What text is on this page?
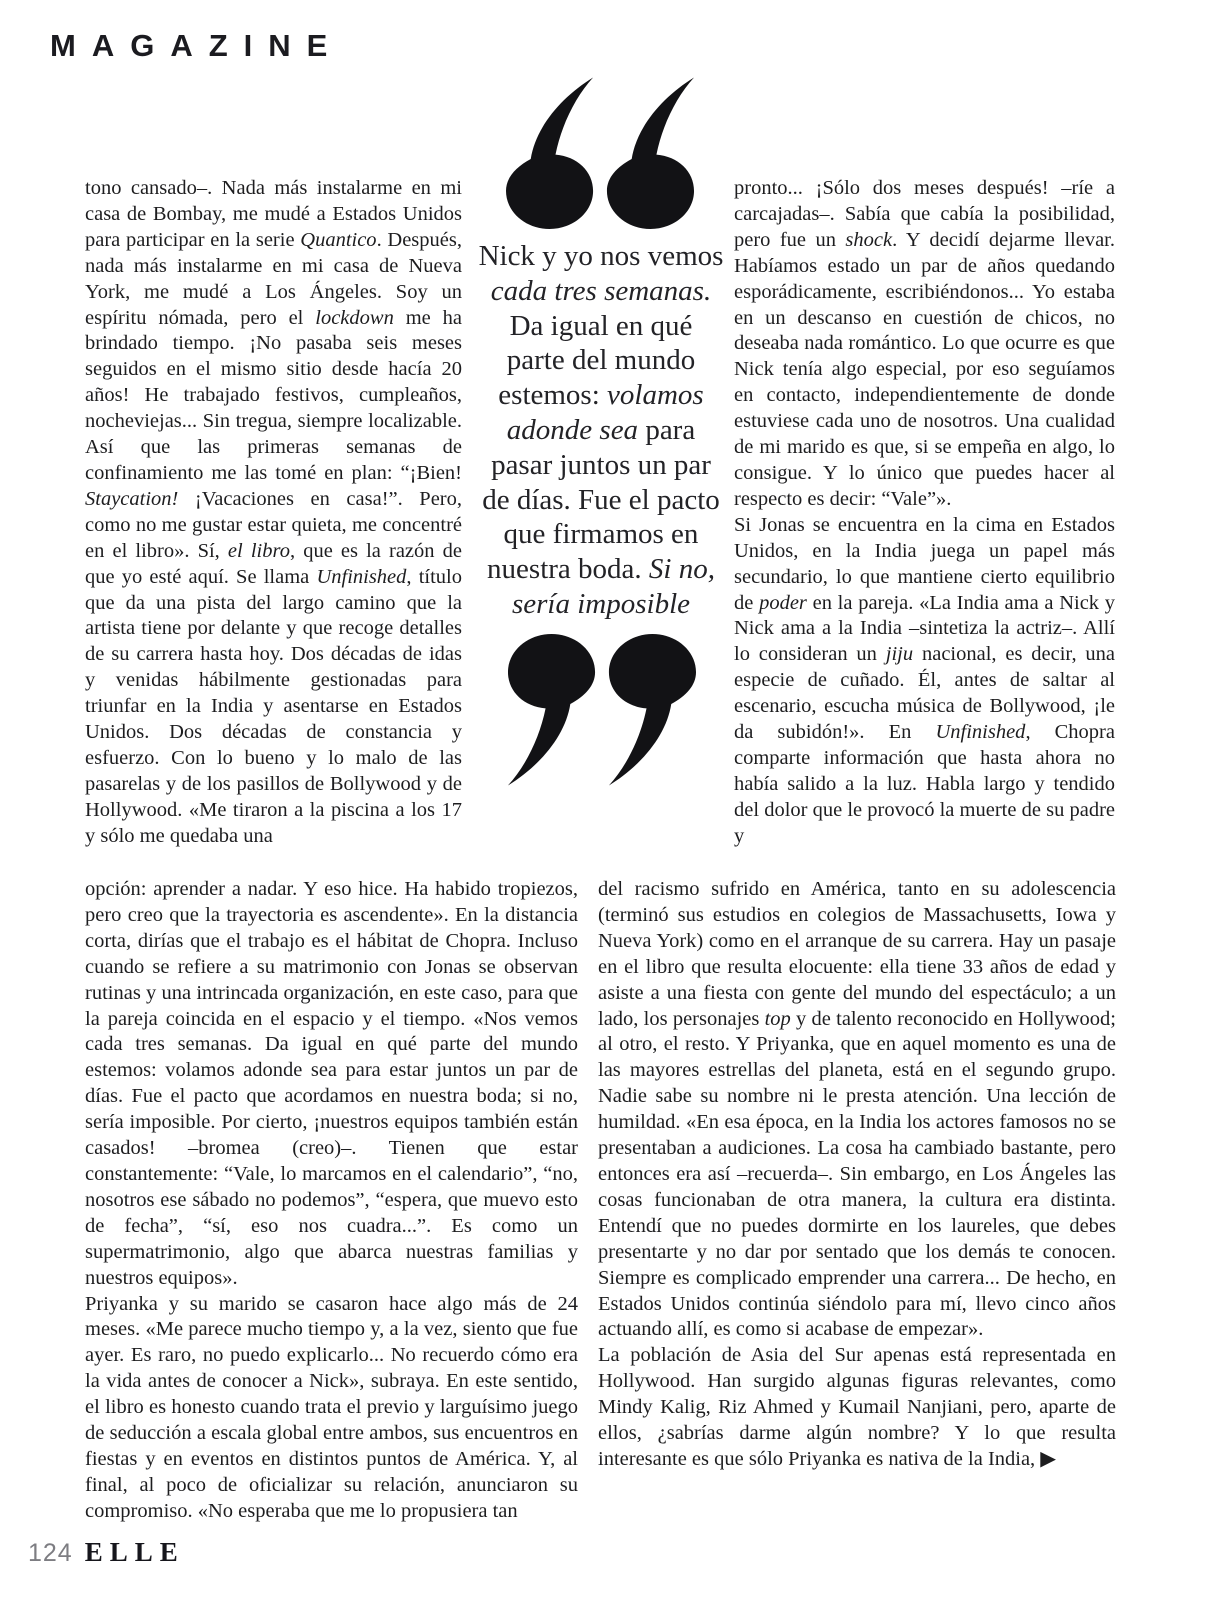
MAGAZINE

tono cansado–. Nada más instalarme en mi casa de Bombay, me mudé a Estados Unidos para participar en la serie Quantico. Después, nada más instalarme en mi casa de Nueva York, me mudé a Los Ángeles. Soy un espíritu nómada, pero el lockdown me ha brindado tiempo. ¡No pasaba seis meses seguidos en el mismo sitio desde hacía 20 años! He trabajado festivos, cumpleaños, nocheviejas... Sin tregua, siempre localizable. Así que las primeras semanas de confinamiento me las tomé en plan: “¡Bien! Staycation! ¡Vacaciones en casa!”. Pero, como no me gustar estar quieta, me concentré en el libro». Sí, el libro, que es la razón de que yo esté aquí. Se llama Unfinished, título que da una pista del largo camino que la artista tiene por delante y que recoge detalles de su carrera hasta hoy. Dos décadas de idas y venidas hábilmente gestionadas para triunfar en la India y asentarse en Estados Unidos. Dos décadas de constancia y esfuerzo. Con lo bueno y lo malo de las pasarelas y de los pasillos de Bollywood y de Hollywood. «Me tiraron a la piscina a los 17 y sólo me quedaba una

Nick y yo nos vemos cada tres semanas. Da igual en qué parte del mundo estemos: volamos adonde sea para pasar juntos un par de días. Fue el pacto que firmamos en nuestra boda. Si no, sería imposible

pronto... ¡Sólo dos meses después! –ríe a carcajadas–. Sabía que cabía la posibilidad, pero fue un shock. Y decidí dejarme llevar. Habíamos estado un par de años quedando esporádicamente, escribiéndonos... Yo estaba en un descanso en cuestión de chicos, no deseaba nada romántico. Lo que ocurre es que Nick tenía algo especial, por eso seguíamos en contacto, independientemente de donde estuviese cada uno de nosotros. Una cualidad de mi marido es que, si se empeña en algo, lo consigue. Y lo único que puedes hacer al respecto es decir: “Vale”».

Si Jonas se encuentra en la cima en Estados Unidos, en la India juega un papel más secundario, lo que mantiene cierto equilibrio de poder en la pareja. «La India ama a Nick y Nick ama a la India –sintetiza la actriz–. Allí lo consideran un jiju nacional, es decir, una especie de cuñado. Él, antes de saltar al escenario, escucha música de Bollywood, ¡le da subidón!». En Unfinished, Chopra comparte información que hasta ahora no había salido a la luz. Habla largo y tendido del dolor que le provocó la muerte de su padre y

opción: aprender a nadar. Y eso hice. Ha habido tropiezos, pero creo que la trayectoria es ascendente». En la distancia corta, dirías que el trabajo es el hábitat de Chopra. Incluso cuando se refiere a su matrimonio con Jonas se observan rutinas y una intrincada organización, en este caso, para que la pareja coincida en el espacio y el tiempo. «Nos vemos cada tres semanas. Da igual en qué parte del mundo estemos: volamos adonde sea para estar juntos un par de días. Fue el pacto que acordamos en nuestra boda; si no, sería imposible. Por cierto, ¡nuestros equipos también están casados! –bromea (creo)–. Tienen que estar constantemente: “Vale, lo marcamos en el calendario”, “no, nosotros ese sábado no podemos”, “espera, que muevo esto de fecha”, “sí, eso nos cuadra...”. Es como un supermatrimonio, algo que abarca nuestras familias y nuestros equipos».

Priyanka y su marido se casaron hace algo más de 24 meses. «Me parece mucho tiempo y, a la vez, siento que fue ayer. Es raro, no puedo explicarlo... No recuerdo cómo era la vida antes de conocer a Nick», subraya. En este sentido, el libro es honesto cuando trata el previo y larguísimo juego de seducción a escala global entre ambos, sus encuentros en fiestas y en eventos en distintos puntos de América. Y, al final, al poco de oficializar su relación, anunciaron su compromiso. «No esperaba que me lo propusiera tan

del racismo sufrido en América, tanto en su adolescencia (terminó sus estudios en colegios de Massachusetts, Iowa y Nueva York) como en el arranque de su carrera. Hay un pasaje en el libro que resulta elocuente: ella tiene 33 años de edad y asiste a una fiesta con gente del mundo del espectáculo; a un lado, los personajes top y de talento reconocido en Hollywood; al otro, el resto. Y Priyanka, que en aquel momento es una de las mayores estrellas del planeta, está en el segundo grupo. Nadie sabe su nombre ni le presta atención. Una lección de humildad. «En esa época, en la India los actores famosos no se presentaban a audiciones. La cosa ha cambiado bastante, pero entonces era así –recuerda–. Sin embargo, en Los Ángeles las cosas funcionaban de otra manera, la cultura era distinta. Entendí que no puedes dormirte en los laureles, que debes presentarte y no dar por sentado que los demás te conocen. Siempre es complicado emprender una carrera... De hecho, en Estados Unidos continúa siéndolo para mí, llevo cinco años actuando allí, es como si acabase de empezar».

La población de Asia del Sur apenas está representada en Hollywood. Han surgido algunas figuras relevantes, como Mindy Kalig, Riz Ahmed y Kumail Nanjiani, pero, aparte de ellos, ¿sabrías darme algún nombre? Y lo que resulta interesante es que sólo Priyanka es nativa de la India, ▶

124 ELLE
